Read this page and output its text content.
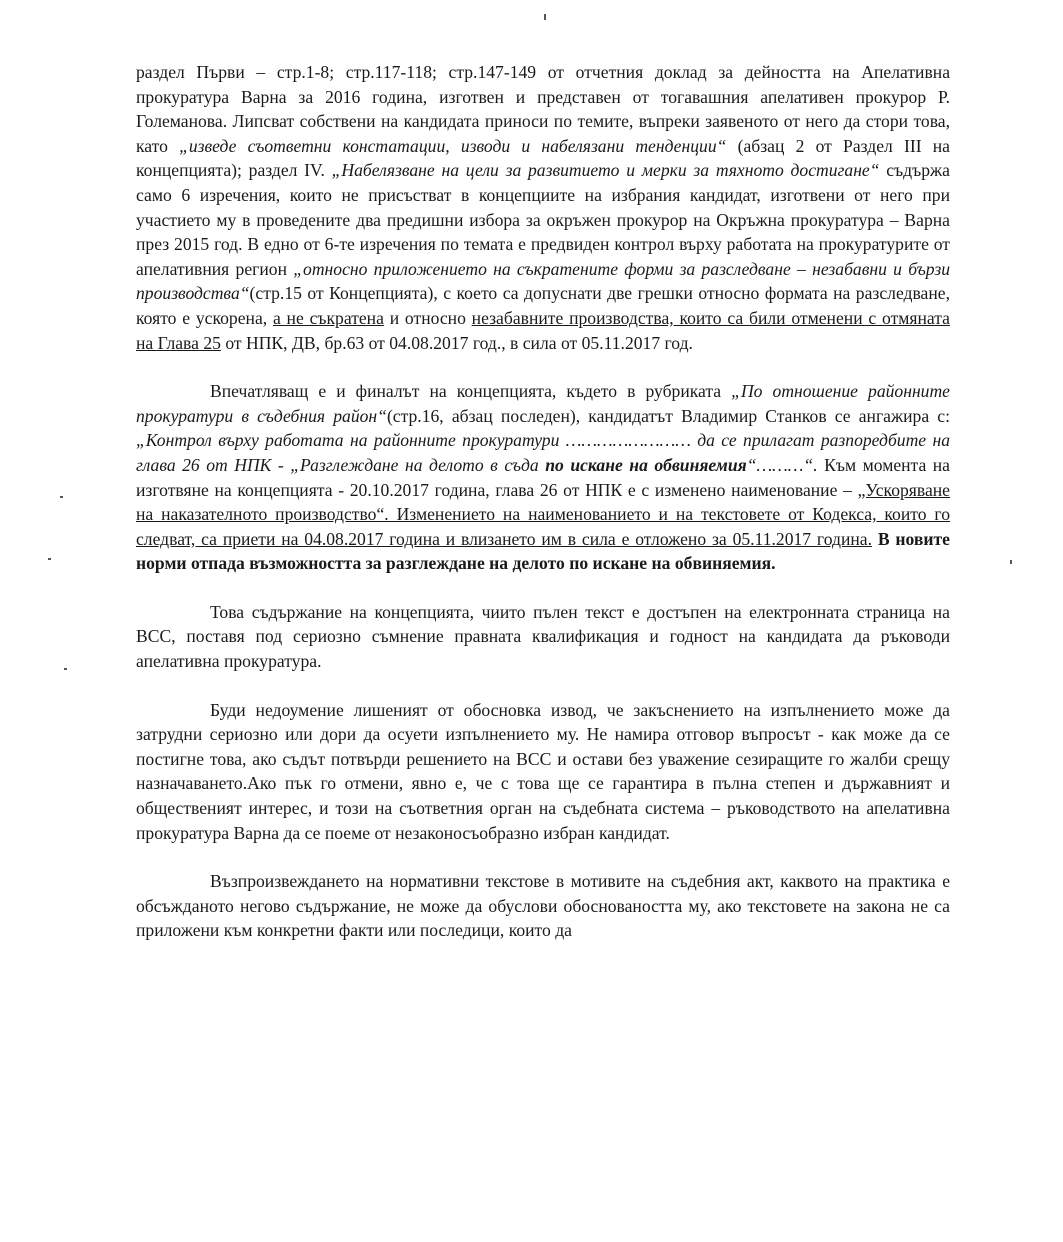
раздел Първи – стр.1-8; стр.117-118; стр.147-149 от отчетния доклад за дейността на Апелативна прокуратура Варна за 2016 година, изготвен и представен от тогавашния апелативен прокурор Р. Големанова. Липсват собствени на кандидата приноси по темите, въпреки заявеното от него да стори това, като „изведе съответни констатации, изводи и набелязани тенденции“ (абзац 2 от Раздел III на концепцията); раздел IV. „Набелязване на цели за развитието и мерки за тяхното достигане“ съдържа само 6 изречения, които не присъстват в концепциите на избрания кандидат, изготвени от него при участието му в проведените два предишни избора за окръжен прокурор на Окръжна прокуратура – Варна през 2015 год. В едно от 6-те изречения по темата е предвиден контрол върху работата на прокуратурите от апелативния регион „относно приложението на съкратените форми за разследване – незабавни и бързи производства“(стр.15 от Концепцията), с което са допуснати две грешки относно формата на разследване, която е ускорена, а не съкратена и относно незабавните производства, които са били отменени с отмяната на Глава 25 от НПК, ДВ, бр.63 от 04.08.2017 год., в сила от 05.11.2017 год.

Впечатляващ е и финалът на концепцията, където в рубриката „По отношение районните прокуратури в съдебния район“(стр.16, абзац последен), кандидатът Владимир Станков се ангажира с: „Контрол върху работата на районните прокуратури …………………… да се прилагат разпоредбите на глава 26 от НПК - „Разглеждане на делото в съда по искане на обвиняемия“………“. Към момента на изготвяне на концепцията - 20.10.2017 година, глава 26 от НПК е с изменено наименование – „Ускоряване на наказателното производство“. Изменението на наименованието и на текстовете от Кодекса, които го следват, са приети на 04.08.2017 година и влизането им в сила е отложено за 05.11.2017 година. В новите норми отпада възможността за разглеждане на делото по искане на обвиняемия.

Това съдържание на концепцията, чиито пълен текст е достъпен на електронната страница на ВСС, поставя под сериозно съмнение правната квалификация и годност на кандидата да ръководи апелативна прокуратура.

Буди недоумение лишеният от обосновка извод, че закъснението на изпълнението може да затрудни сериозно или дори да осуети изпълнението му. Не намира отговор въпросът - как може да се постигне това, ако съдът потвърди решението на ВСС и остави без уважение сезиращите го жалби срещу назначаването.Ако пък го отмени, явно е, че с това ще се гарантира в пълна степен и държавният и общественият интерес, и този на съответния орган на съдебната система – ръководството на апелативна прокуратура Варна да се поеме от незаконосъобразно избран кандидат.

Възпроизвеждането на нормативни текстове в мотивите на съдебния акт, каквото на практика е обсъжданото негово съдържание, не може да обуслови обосноваността му, ако текстовете на закона не са приложени към конкретни факти или последици, които да
